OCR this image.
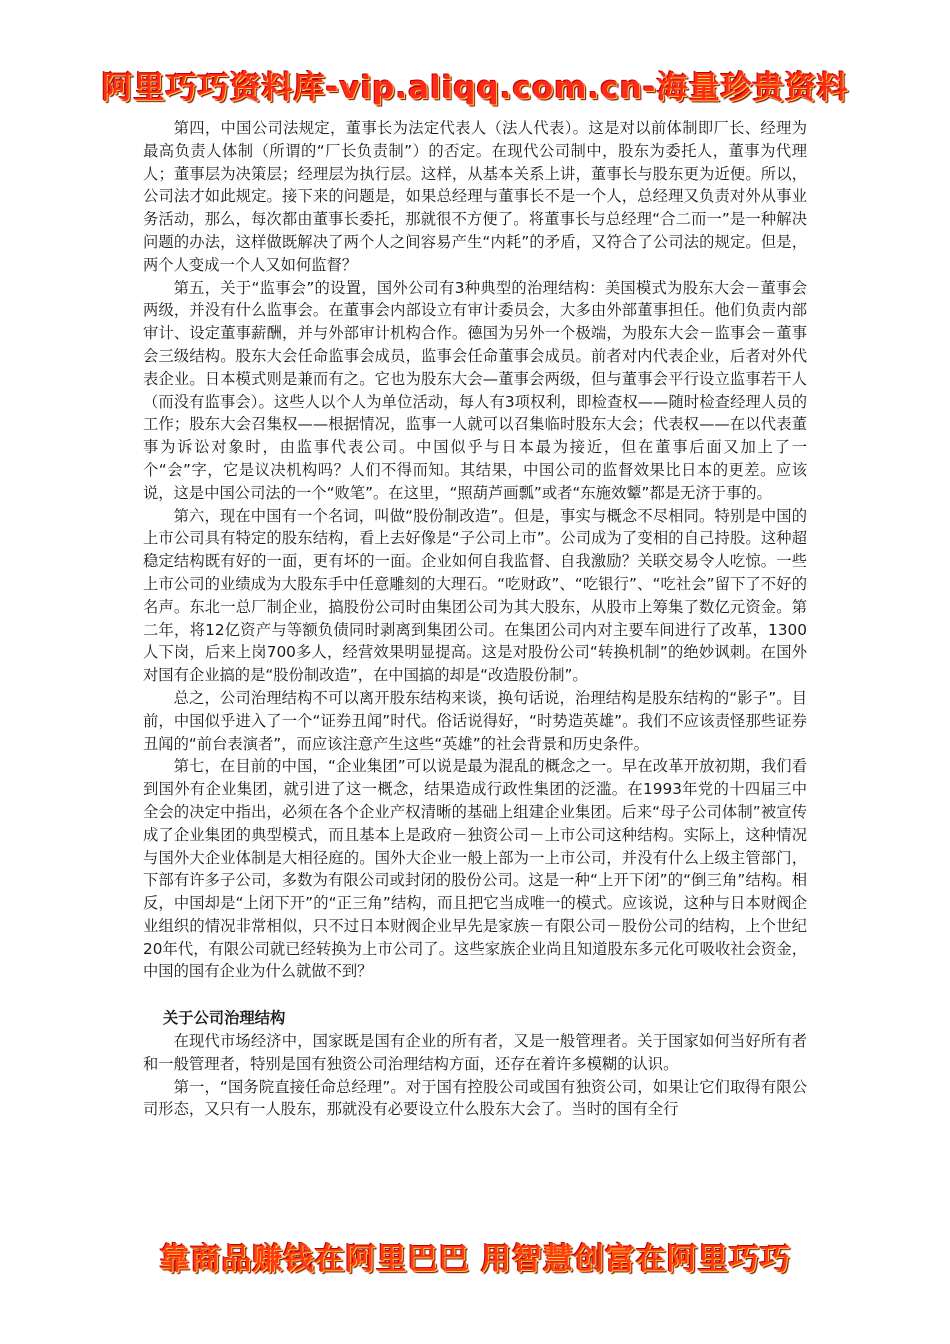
阿里巧巧资料库-vip.aliqq.com.cn-海量珍贵资料

第四，中国公司法规定，董事长为法定代表人（法人代表）。这是对以前体制即厂长、经理为最高负责人体制（所谓的“厂长负责制”）的否定。在现代公司制中，股东为委托人，董事为代理人；董事层为决策层；经理层为执行层。这样，从基本关系上讲，董事长与股东更为近便。所以，公司法才如此规定。接下来的问题是，如果总经理与董事长不是一个人，总经理又负责对外从事业务活动，那么，每次都由董事长委托，那就很不方便了。将董事长与总经理“合二而一”是一种解决问题的办法，这样做既解决了两个人之间容易产生“内耗”的矛盾，又符合了公司法的规定。但是，两个人变成一个人又如何监督？

第五，关于“监事会”的设置，国外公司有3种典型的治理结构：美国模式为股东大会－董事会两级，并没有什么监事会。在董事会内部设立有审计委员会，大多由外部董事担任。他们负责内部审计、设定董事薪酬，并与外部审计机构合作。德国为另外一个极端，为股东大会－监事会－董事会三级结构。股东大会任命监事会成员，监事会任命董事会成员。前者对内代表企业，后者对外代表企业。日本模式则是兼而有之。它也为股东大会—董事会两级，但与董事会平行设立监事若干人（而没有监事会）。这些人以个人为单位活动，每人有3项权利，即检查权——随时检查经理人员的工作；股东大会召集权——根据情况，监事一人就可以召集临时股东大会；代表权——在以代表董事为诉讼对象时，由监事代表公司。中国似乎与日本最为接近，但在董事后面又加上了一个“会”字，它是议决机构吗？人们不得而知。其结果，中国公司的监督效果比日本的更差。应该说，这是中国公司法的一个“败笔”。在这里，“照葫芦画瓢”或者“东施效颦”都是无济于事的。

第六，现在中国有一个名词，叫做“股份制改造”。但是，事实与概念不尽相同。特别是中国的上市公司具有特定的股东结构，看上去好像是“子公司上市”。公司成为了变相的自己持股。这种超稳定结构既有好的一面，更有坏的一面。企业如何自我监督、自我激励？关联交易令人吃惊。一些上市公司的业绩成为大股东手中任意雕刻的大理石。“吃财政”、“吃银行”、“吃社会”留下了不好的名声。东北一总厂制企业，搞股份公司时由集团公司为其大股东，从股市上筹集了数亿元资金。第二年，将12亿资产与等额负债同时剥离到集团公司。在集团公司内对主要车间进行了改革，1300人下岗，后来上岗700多人，经营效果明显提高。这是对股份公司“转换机制”的绝妙讽刺。在国外对国有企业搞的是“股份制改造”，在中国搞的却是“改造股份制”。

总之，公司治理结构不可以离开股东结构来谈，换句话说，治理结构是股东结构的“影子”。目前，中国似乎进入了一个“证券丑闻”时代。俗话说得好，“时势造英雄”。我们不应该责怪那些证券丑闻的“前台表演者”，而应该注意产生这些“英雄”的社会背景和历史条件。

第七，在目前的中国，“企业集团”可以说是最为混乱的概念之一。早在改革开放初期，我们看到国外有企业集团，就引进了这一概念，结果造成行政性集团的泛滥。在1993年党的十四届三中全会的决定中指出，必须在各个企业产权清晰的基础上组建企业集团。后来“母子公司体制”被宣传成了企业集团的典型模式，而且基本上是政府－独资公司－上市公司这种结构。实际上，这种情况与国外大企业体制是大相径庭的。国外大企业一般上部为一上市公司，并没有什么上级主管部门，下部有许多子公司，多数为有限公司或封闭的股份公司。这是一种“上开下闭”的“倒三角”结构。相反，中国却是“上闭下开”的“正三角”结构，而且把它当成唯一的模式。应该说，这种与日本财阀企业组织的情况非常相似，只不过日本财阀企业早先是家族－有限公司－股份公司的结构，上个世纪20年代，有限公司就已经转换为上市公司了。这些家族企业尚且知道股东多元化可吸收社会资金，中国的国有企业为什么就做不到？

关于公司治理结构

在现代市场经济中，国家既是国有企业的所有者，又是一般管理者。关于国家如何当好所有者和一般管理者，特别是国有独资公司治理结构方面，还存在着许多模糊的认识。

第一，“国务院直接任命总经理”。对于国有控股公司或国有独资公司，如果让它们取得有限公司形态，又只有一人股东，那就没有必要设立什么股东大会了。当时的国有全行

靠商品赚钱在阿里巴巴 用智慧创富在阿里巧巧
